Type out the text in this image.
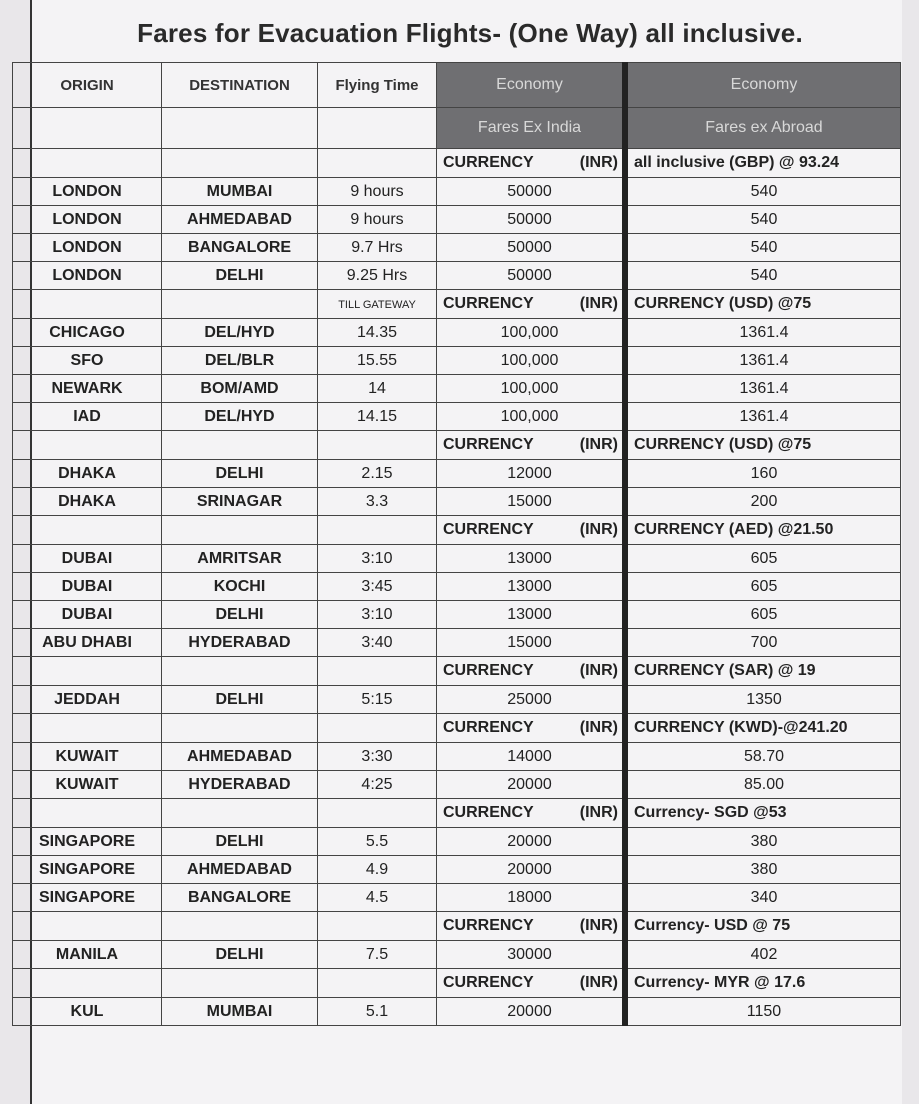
Fares for Evacuation Flights- (One Way) all inclusive.
ORIGIN	DESTINATION	Flying Time	Economy	Economy
			Fares Ex India	Fares ex Abroad
			CURRENCY (INR)	all inclusive (GBP) @ 93.24
LONDON	MUMBAI	9 hours	50000	540
LONDON	AHMEDABAD	9 hours	50000	540
LONDON	BANGALORE	9.7 Hrs	50000	540
LONDON	DELHI	9.25 Hrs	50000	540
		TILL GATEWAY	CURRENCY (INR)	CURRENCY (USD) @75
CHICAGO	DEL/HYD	14.35	100,000	1361.4
SFO	DEL/BLR	15.55	100,000	1361.4
NEWARK	BOM/AMD	14	100,000	1361.4
IAD	DEL/HYD	14.15	100,000	1361.4
			CURRENCY (INR)	CURRENCY (USD) @75
DHAKA	DELHI	2.15	12000	160
DHAKA	SRINAGAR	3.3	15000	200
			CURRENCY (INR)	CURRENCY (AED) @21.50
DUBAI	AMRITSAR	3:10	13000	605
DUBAI	KOCHI	3:45	13000	605
DUBAI	DELHI	3:10	13000	605
ABU DHABI	HYDERABAD	3:40	15000	700
			CURRENCY (INR)	CURRENCY (SAR) @ 19
JEDDAH	DELHI	5:15	25000	1350
			CURRENCY (INR)	CURRENCY (KWD)-@241.20
KUWAIT	AHMEDABAD	3:30	14000	58.70
KUWAIT	HYDERABAD	4:25	20000	85.00
			CURRENCY (INR)	Currency- SGD @53
SINGAPORE	DELHI	5.5	20000	380
SINGAPORE	AHMEDABAD	4.9	20000	380
SINGAPORE	BANGALORE	4.5	18000	340
			CURRENCY (INR)	Currency- USD @ 75
MANILA	DELHI	7.5	30000	402
			CURRENCY (INR)	Currency- MYR @ 17.6
KUL	MUMBAI	5.1	20000	1150
